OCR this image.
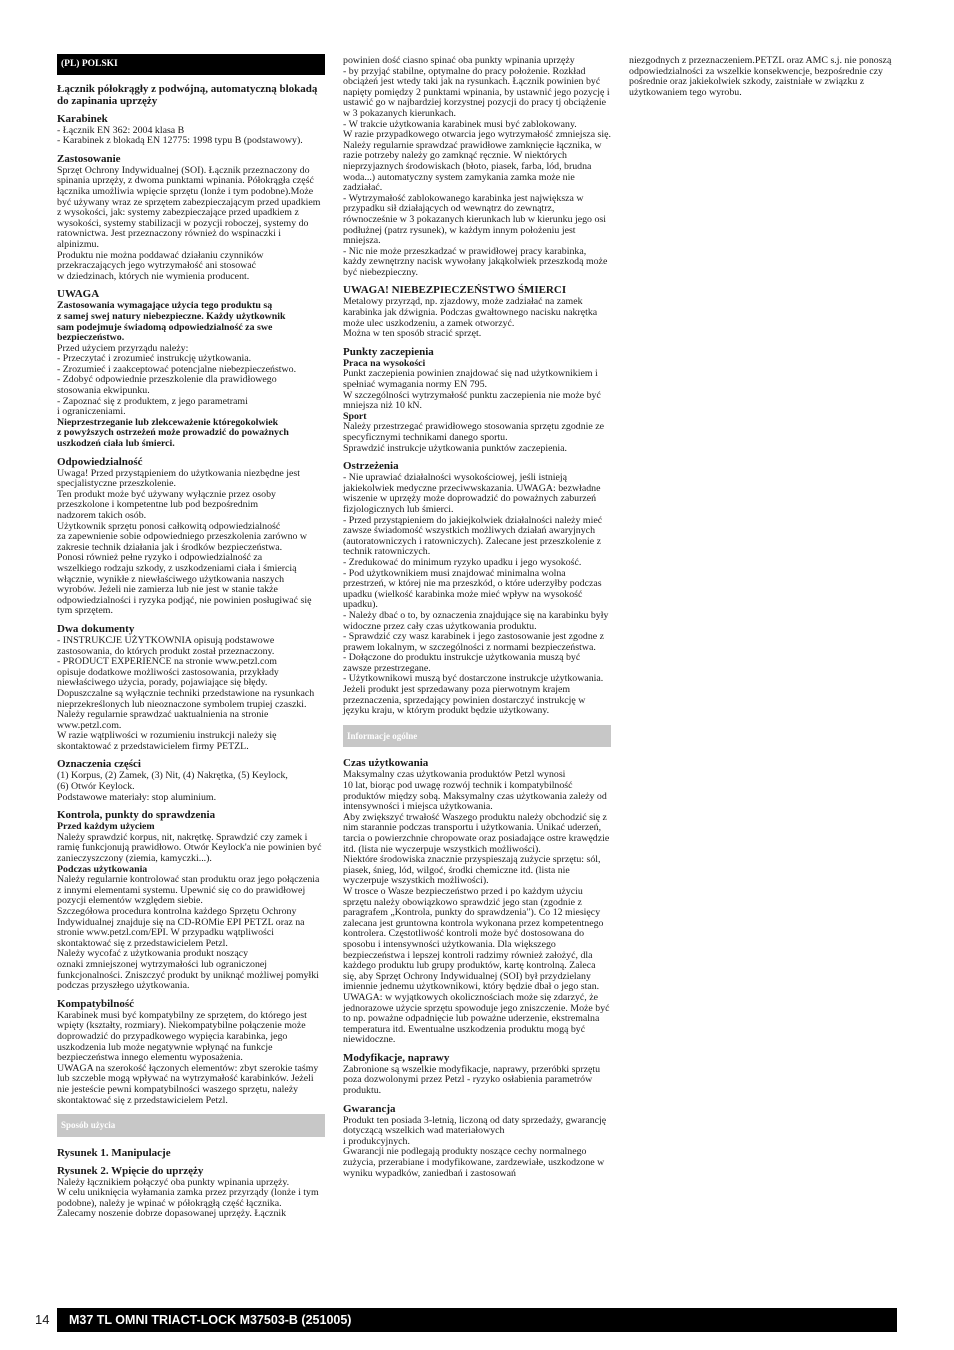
(PL) POLSKI
Łącznik półokrągły z podwójną, automatyczną blokadą do zapinania uprzęży
Karabinek

- Łącznik EN 362: 2004 klasa B
- Karabinek z blokadą EN 12775: 1998 typu B (podstawowy).

Zastosowanie

Sprzęt Ochrony Indywidualnej (SOI). Łącznik przeznaczony do spinania uprzęży, z dwoma punktami wpinania. Półokrągła część łącznika umożliwia wpięcie sprzętu (lonże i tym podobne).Może być używany wraz ze sprzętem zabezpieczającym przed upadkiem z wysokości, jak: systemy zabezpieczające przed upadkiem z wysokości, systemy stabilizacji w pozycji roboczej, systemy do ratownictwa. Jest przeznaczony również do wspinaczki i alpinizmu.
Produktu nie można poddawać działaniu czynników przekraczających jego wytrzymałość ani stosować
w dziedzinach, których nie wymienia producent.

UWAGA
Zastosowania wymagające użycia tego produktu są
z samej swej natury niebezpieczne. Każdy użytkownik
sam podejmuje świadomą odpowiedzialność za swe
bezpieczeństwo.

Przed użyciem przyrządu należy:
- Przeczytać i zrozumieć instrukcję użytkowania.
- Zrozumieć i zaakceptować potencjalne niebezpieczeństwo.
- Zdobyć odpowiednie przeszkolenie dla prawidłowego
stosowania ekwipunku.
- Zapoznać się z produktem, z jego parametrami
i ograniczeniami.

Nieprzestrzeganie lub zlekceważenie któregokolwiek
z powyższych ostrzeżeń może prowadzić do poważnych
uszkodzeń ciała lub śmierci.
Odpowiedzialność

Uwaga! Przed przystąpieniem do użytkowania niezbędne jest specjalistyczne przeszkolenie.
Ten produkt może być używany wyłącznie przez osoby przeszkolone i kompetentne lub pod bezpośrednim
nadzorem takich osób.
Użytkownik sprzętu ponosi całkowitą odpowiedzialność
za zapewnienie sobie odpowiedniego przeszkolenia zarówno w zakresie technik działania jak i środków bezpieczeństwa.
Ponosi również pełne ryzyko i odpowiedzialność za
wszelkiego rodzaju szkody, z uszkodzeniami ciała i śmiercią włącznie, wynikłe z niewłaściwego użytkowania naszych wyrobów. Jeżeli nie zamierza lub nie jest w stanie także odpowiedzialności i ryzyka podjąć, nie powinien posługiwać się tym sprzętem.

Dwa dokumenty

- INSTRUKCJE UŻYTKOWNIA opisują podstawowe
zastosowania, do których produkt został przeznaczony.
- PRODUCT EXPERIENCE na stronie www.petzl.com
opisuje dodatkowe możliwości zastosowania, przykłady niewłaściwego użycia, porady, pojawiające się błędy. Dopuszczalne są wyłącznie techniki przedstawione na rysunkach nieprzekreślonych lub nieoznaczone symbolem trupiej czaszki. Należy regularnie sprawdzać uaktualnienia na stronie www.petzl.com.
W razie wątpliwości w rozumieniu instrukcji należy się skontaktować z przedstawicielem firmy PETZL.

Oznaczenia części

(1) Korpus, (2) Zamek, (3) Nit, (4) Nakrętka, (5) Keylock,
(6) Otwór Keylock.
Podstawowe materiały: stop aluminium.

Kontrola, punkty do sprawdzenia
Przed każdym użyciem

Należy sprawdzić korpus, nit, nakrętkę. Sprawdzić czy zamek i ramię funkcjonują prawidłowo. Otwór Keylock'a nie powinien być zanieczyszczony (ziemia, kamyczki...).

Podczas użytkowania

Należy regularnie kontrolować stan produktu oraz jego połączenia z innymi elementami systemu. Upewnić się co do prawidłowej pozycji elementów względem siebie.
Szczegółowa procedura kontrolna każdego Sprzętu Ochrony Indywidualnej znajduje się na CD-ROMie EPI PETZL oraz na stronie www.petzl.com/EPI. W przypadku wątpliwości skontaktować się z przedstawicielem Petzl.
Należy wycofać z użytkowania produkt noszący
oznaki zmniejszonej wytrzymałości lub ograniczonej funkcjonalności. Zniszczyć produkt by uniknąć możliwej pomyłki podczas przyszłego użytkowania.

Kompatybilność

Karabinek musi być kompatybilny ze sprzętem, do którego jest wpięty (kształty, rozmiary). Niekompatybilne połączenie może doprowadzić do przypadkowego wypięcia karabinka, jego uszkodzenia lub może negatywnie wpłynąć na funkcje bezpieczeństwa innego elementu wyposażenia.
UWAGA na szerokość łączonych elementów: zbyt szerokie taśmy lub szczeble mogą wpływać na wytrzymałość karabinków. Jeżeli nie jesteście pewni kompatybilności waszego sprzętu, należy skontaktować się z przedstawicielem Petzl.

Sposób użycia
Rysunek 1. Manipulacje
Rysunek 2. Wpięcie do uprzęży

Należy łącznikiem połączyć oba punkty wpinania uprzęży.
W celu uniknięcia wyłamania zamka przez przyrządy (lonże i tym podobne), należy je wpinać w półokrągłą część łącznika.
Zalecamy noszenie dobrze dopasowanej uprzęży. Łącznik

powinien dość ciasno spinać oba punkty wpinania uprzęży
- by przyjąć stabilne, optymalne do pracy położenie. Rozkład obciążeń jest wtedy taki jak na rysunkach. Łącznik powinien być napięty pomiędzy 2 punktami wpinania, by ustawnić jego pozycję i ustawić go w najbardziej korzystnej pozycji do pracy tj obciążenie w 3 pokazanych kierunkach.
- W trakcie użytkowania karabinek musi być zablokowany.
W razie przypadkowego otwarcia jego wytrzymałość zmniejsza się. Należy regularnie sprawdzać prawidłowe zamknięcie łącznika, w razie potrzeby należy go zamknąć ręcznie. W niektórych nieprzyjaznych środowiskach (błoto, piasek, farba, lód, brudna woda...) automatyczny system zamykania zamka może nie zadziałać.
- Wytrzymałość zablokowanego karabinka jest największa w przypadku sił działających od wewnątrz do zewnątrz, równocześnie w 3 pokazanych kierunkach lub w kierunku jego osi podłużnej (patrz rysunek), w każdym innym położeniu jest mniejsza.
- Nic nie może przeszkadzać w prawidłowej pracy karabinka, każdy zewnętrzny nacisk wywołany jakąkolwiek przeszkodą może być niebezpieczny.

UWAGA! NIEBEZPIECZEŃSTWO ŚMIERCI

Metalowy przyrząd, np. zjazdowy, może zadziałać na zamek karabinka jak dźwignia. Podczas gwałtownego nacisku nakrętka może ulec uszkodzeniu, a zamek otworzyć.
Można w ten sposób stracić sprzęt.

Punkty zaczepienia
Praca na wysokości

Punkt zaczepienia powinien znajdować się nad użytkownikiem i spełniać wymagania normy EN 795.
W szczególności wytrzymałość punktu zaczepienia nie może być mniejsza niż 10 kN.

Sport

Należy przestrzegać prawidłowego stosowania sprzętu zgodnie ze specyficznymi technikami danego sportu.
Sprawdzić instrukcje użytkowania punktów zaczepienia.

Ostrzeżenia

- Nie uprawiać działalności wysokościowej, jeśli istnieją jakiekolwiek medyczne przeciwwskazania. UWAGA: bezwładne wiszenie w uprzęży może doprowadzić do poważnych zaburzeń fizjologicznych lub śmierci.
- Przed przystąpieniem do jakiejkolwiek działalności należy mieć zawsze świadomość wszystkich możliwych działań awaryjnych (autoratowniczych i ratowniczych). Zalecane jest przeszkolenie z technik ratowniczych.
- Zredukować do minimum ryzyko upadku i jego wysokość.
- Pod użytkownikiem musi znajdować minimalna wolna przestrzeń, w której nie ma przeszkód, o które uderzyłby podczas upadku (wielkość karabinka może mieć wpływ na wysokość upadku).
- Należy dbać o to, by oznaczenia znajdujące się na karabinku były widoczne przez cały czas użytkowania produktu.
- Sprawdzić czy wasz karabinek i jego zastosowanie jest zgodne z prawem lokalnym, w szczególności z normami bezpieczeństwa.
- Dołączone do produktu instrukcje użytkowania muszą być zawsze przestrzegane.
- Użytkownikowi muszą być dostarczone instrukcje użytkowania. Jeżeli produkt jest sprzedawany poza pierwotnym krajem przeznaczenia, sprzedający powinien dostarczyć instrukcję w języku kraju, w którym produkt będzie użytkowany.

Informacje ogólne
Czas użytkowania

Maksymalny czas użytkowania produktów Petzl wynosi
10 lat, biorąc pod uwagę rozwój technik i kompatybilność produktów między sobą. Maksymalny czas użytkowania zależy od intensywności i miejsca użytkowania.
Aby zwiększyć trwałość Waszego produktu należy obchodzić się z nim starannie podczas transportu i użytkowania. Unikać uderzeń, tarcia o powierzchnie chropowate oraz posiadające ostre krawędzie itd. (lista nie wyczerpuje wszystkich możliwości).
Niektóre środowiska znacznie przyspieszają zużycie sprzętu: sól, piasek, śnieg, lód, wilgoć, środki chemiczne itd. (lista nie wyczerpuje wszystkich możliwości).
W trosce o Wasze bezpieczeństwo przed i po każdym użyciu sprzętu należy obowiązkowo sprawdzić jego stan (zgodnie z paragrafem „Kontrola, punkty do sprawdzenia"). Co 12 miesięcy zalecana jest gruntowna kontrola wykonana przez kompetentnego kontrolera. Częstotliwość kontroli może być dostosowana do sposobu i intensywności użytkowania. Dla większego bezpieczeństwa i lepszej kontroli radzimy również założyć, dla każdego produktu lub grupy produktów, kartę kontrolną. Zaleca się, aby Sprzęt Ochrony Indywidualnej (SOI) był przydzielany imiennie jednemu użytkownikowi, który będzie dbał o jego stan.
UWAGA: w wyjątkowych okolicznościach może się zdarzyć, że jednorazowe użycie sprzętu spowoduje jego zniszczenie. Może być to np. poważne odpadnięcie lub poważne uderzenie, ekstremalna temperatura itd. Ewentualne uszkodzenia produktu mogą być niewidoczne.

Modyfikacje, naprawy

Zabronione są wszelkie modyfikacje, naprawy, przeróbki sprzętu poza dozwolonymi przez Petzl - ryzyko osłabienia parametrów produktu.

Gwarancja

Produkt ten posiada 3-letnią, liczoną od daty sprzedaży, gwarancję dotyczącą wszelkich wad materiałowych
i produkcyjnych.
Gwarancji nie podlegają produkty noszące cechy normalnego zużycia, przerabiane i modyfikowane, zardzewiałe, uszkodzone w wyniku wypadków, zaniedbań i zastosowań

niezgodnych z przeznaczeniem.PETZL oraz AMC s.j. nie ponoszą odpowiedzialności za wszelkie konsekwencje, bezpośrednie czy pośrednie oraz jakiekolwiek szkody, zaistniałe w związku z użytkowaniem tego wyrobu.

14	M37 TL OMNI TRIACT-LOCK M37503-B (251005)
